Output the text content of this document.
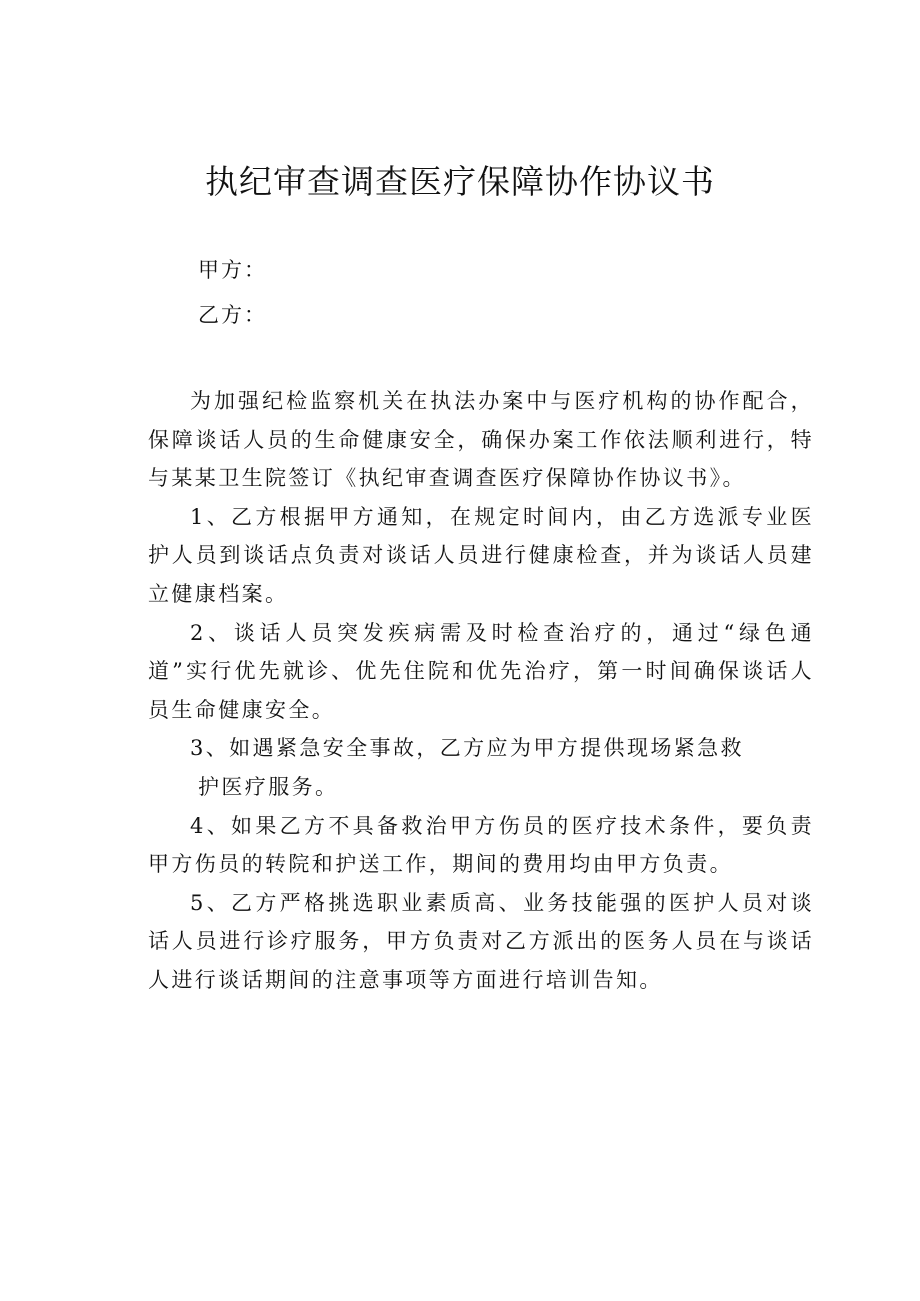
执纪审查调查医疗保障协作协议书
甲方：
乙方：

为加强纪检监察机关在执法办案中与医疗机构的协作配合，保障谈话人员的生命健康安全，确保办案工作依法顺利进行，特与某某卫生院签订《执纪审查调查医疗保障协作协议书》。

1、乙方根据甲方通知，在规定时间内，由乙方选派专业医护人员到谈话点负责对谈话人员进行健康检查，并为谈话人员建立健康档案。

2、谈话人员突发疾病需及时检查治疗的，通过“绿色通道”实行优先就诊、优先住院和优先治疗，第一时间确保谈话人员生命健康安全。

3、如遇紧急安全事故，乙方应为甲方提供现场紧急救

护医疗服务。

4、如果乙方不具备救治甲方伤员的医疗技术条件，要负责甲方伤员的转院和护送工作，期间的费用均由甲方负责。

5、乙方严格挑选职业素质高、业务技能强的医护人员对谈话人员进行诊疗服务，甲方负责对乙方派出的医务人员在与谈话人进行谈话期间的注意事项等方面进行培训告知。
